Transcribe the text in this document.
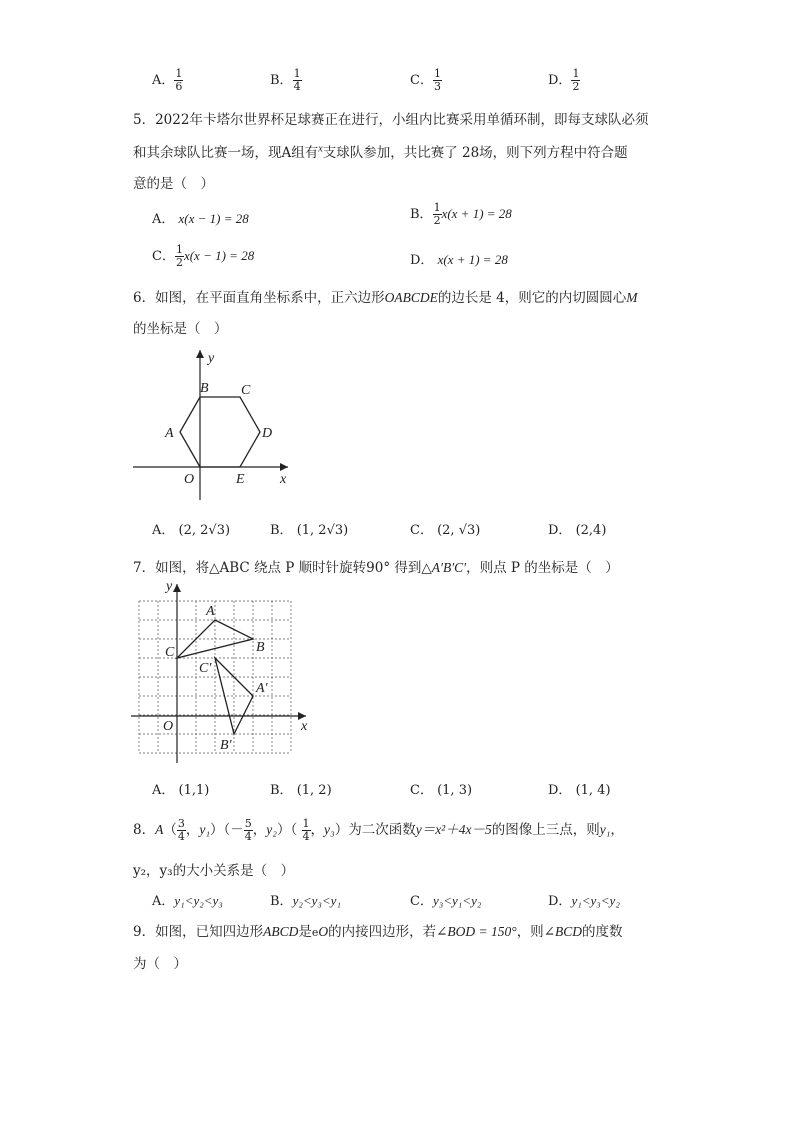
A． $\frac{1}{6}$	B． $\frac{1}{4}$	C． $\frac{1}{3}$	D． $\frac{1}{2}$
5．2022年卡塔尔世界杯足球赛正在进行，小组内比赛采用单循环制，即每支球队必须
和其余球队比赛一场，现A组有$^x$支球队参加，共比赛了 28场，则下列方程中符合题
意的是（　）
A． x(x − 1) = 28	B． $\frac{1}{2} x(x + 1) = 28$
C． $\frac{1}{2} x(x - 1) = 28$	D． x(x + 1) = 28
6．如图，在平面直角坐标系中，正六边形OABCDE的边长是 4，则它的内切圆圆心M
的坐标是（　）
y
x
O
A
B C
D
E
A． (2, 2√3)	B． (1, 2√3)	C． (2, √3)	D． (2,4)
7．如图，将△ABC 绕点 P 顺时针旋转90° 得到△A′B′C′，则点 P 的坐标是（　）
y
x
O
A
B
C
C′
A′
B′
A． (1,1)	B． (1, 2)	C． (1, 3)	D． (1, 4)
8．$A( \frac{3}{4}$ ，$y_1)(- \frac{5}{4}$ ，$y_2)( \frac{1}{4}$ ，y₃）为二次函数y＝x²＋4x－5的图像上三点，则y₁，
y₂，y₃的大小关系是（　）
A．y₁<y₂<y₃	B．y₂<y₃<y₁	C．y₃<y₁<y₂	D．y₁<y₃<y₂
9．如图，已知四边形ABCD是eO的内接四边形，若∠BOD = 150°，则∠BCD的度数
为（　）
